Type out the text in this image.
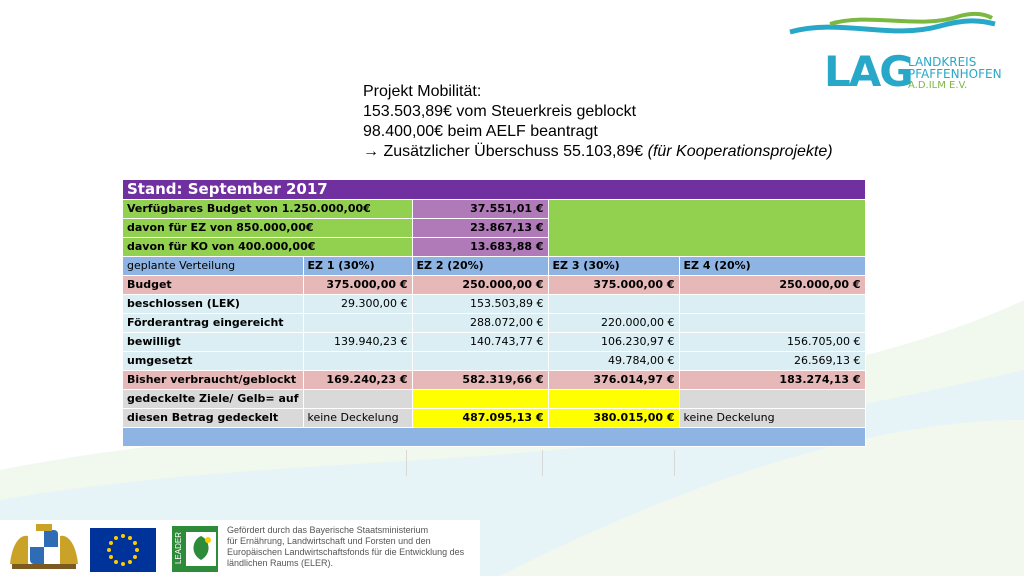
LAG
LANDKREIS
PFAFFENHOFEN
A.D.ILM E.V.
Projekt Mobilität:
153.503,89€ vom Steuerkreis geblockt
98.400,00€ beim AELF beantragt
→ Zusätzlicher Überschuss 55.103,89€ (für Kooperationsprojekte)
Stand: September 2017				
Verfügbares Budget von 1.250.000,00€		37.551,01 €		
davon für EZ von 850.000,00€		23.867,13 €		
davon für KO von 400.000,00€		13.683,88 €		
geplante Verteilung	EZ 1 (30%)	EZ 2 (20%)	EZ 3 (30%)	EZ 4 (20%)
Budget	375.000,00 €	250.000,00 €	375.000,00 €	250.000,00 €
beschlossen (LEK)	29.300,00 €	153.503,89 €		
Förderantrag eingereicht		288.072,00 €	220.000,00 €	
bewilligt	139.940,23 €	140.743,77 €	106.230,97 €	156.705,00 €
umgesetzt			49.784,00 €	26.569,13 €
Bisher verbraucht/geblockt	169.240,23 €	582.319,66 €	376.014,97 €	183.274,13 €
gedeckelte Ziele/ Gelb= auf				
diesen Betrag gedeckelt	keine Deckelung	487.095,13 €	380.015,00 €	keine Deckelung

LEADER
Gefördert durch das Bayerische Staatsministerium
für Ernährung, Landwirtschaft und Forsten und den
Europäischen Landwirtschaftsfonds für die Entwicklung des
ländlichen Raums (ELER).
